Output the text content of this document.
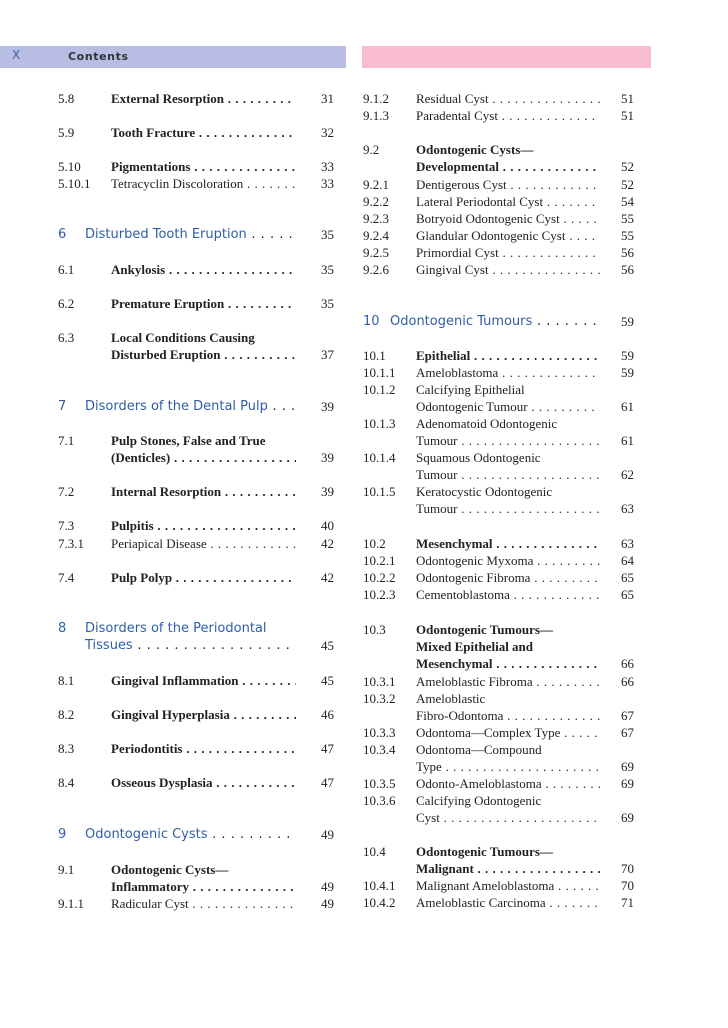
X	Contents
5.8	External Resorption . . .	31
5.9	Tooth Fracture . . .	32
5.10 Pigmentations . . .	33
5.10.1 Tetracyclin Discoloration . . .	33
6 Disturbed Tooth Eruption . . .	35
6.1	Ankylosis . . .	35
6.2	Premature Eruption . . .	35
6.3	Local Conditions Causing
Disturbed Eruption . . .	37
7 Disorders of the Dental Pulp . . .	39
7.1	Pulp Stones, False and True
(Denticles) . . .	39
7.2	Internal Resorption . . .	39
7.3	Pulpitis . . .	40
7.3.1 Periapical Disease . . .	42
7.4	Pulp Polyp . . .	42
8 Disorders of the Periodontal
Tissues . . .	45
8.1	Gingival Inflammation . . .	45
8.2	Gingival Hyperplasia . . .	46
8.3	Periodontitis . . .	47
8.4	Osseous Dysplasia . . .	47
9 Odontogenic Cysts . . .	49
9.1	Odontogenic Cysts—
Inflammatory . . .	49
9.1.1 Radicular Cyst . . .	49
9.1.2 Residual Cyst . . .	51
9.1.3 Paradental Cyst . . .	51
9.2	Odontogenic Cysts—
Developmental . . .	52
9.2.1 Dentigerous Cyst . . .	52
9.2.2 Lateral Periodontal Cyst . . .	54
9.2.3 Botryoid Odontogenic Cyst . . .	55
9.2.4 Glandular Odontogenic Cyst . . .	55
9.2.5 Primordial Cyst . . .	56
9.2.6 Gingival Cyst . . .	56
10 Odontogenic Tumours . . .	59
10.1 Epithelial . . .	59
10.1.1 Ameloblastoma . . .	59
10.1.2 Calcifying Epithelial
Odontogenic Tumour . . .	61
10.1.3 Adenomatoid Odontogenic
Tumour . . .	61
10.1.4 Squamous Odontogenic
Tumour . . .	62
10.1.5 Keratocystic Odontogenic
Tumour . . .	63
10.2 Mesenchymal . . .	63
10.2.1 Odontogenic Myxoma . . .	64
10.2.2 Odontogenic Fibroma . . .	65
10.2.3 Cementoblastoma . . .	65
10.3 Odontogenic Tumours—
Mixed Epithelial and
Mesenchymal . . .	66
10.3.1 Ameloblastic Fibroma . . .	66
10.3.2 Ameloblastic
Fibro-Odontoma . . .	67
10.3.3 Odontoma—Complex Type . . .	67
10.3.4 Odontoma—Compound
Type . . .	69
10.3.5 Odonto-Ameloblastoma . . .	69
10.3.6 Calcifying Odontogenic
Cyst . . .	69
10.4 Odontogenic Tumours—
Malignant . . .	70
10.4.1 Malignant Ameloblastoma . . .	70
10.4.2 Ameloblastic Carcinoma . . .	71
